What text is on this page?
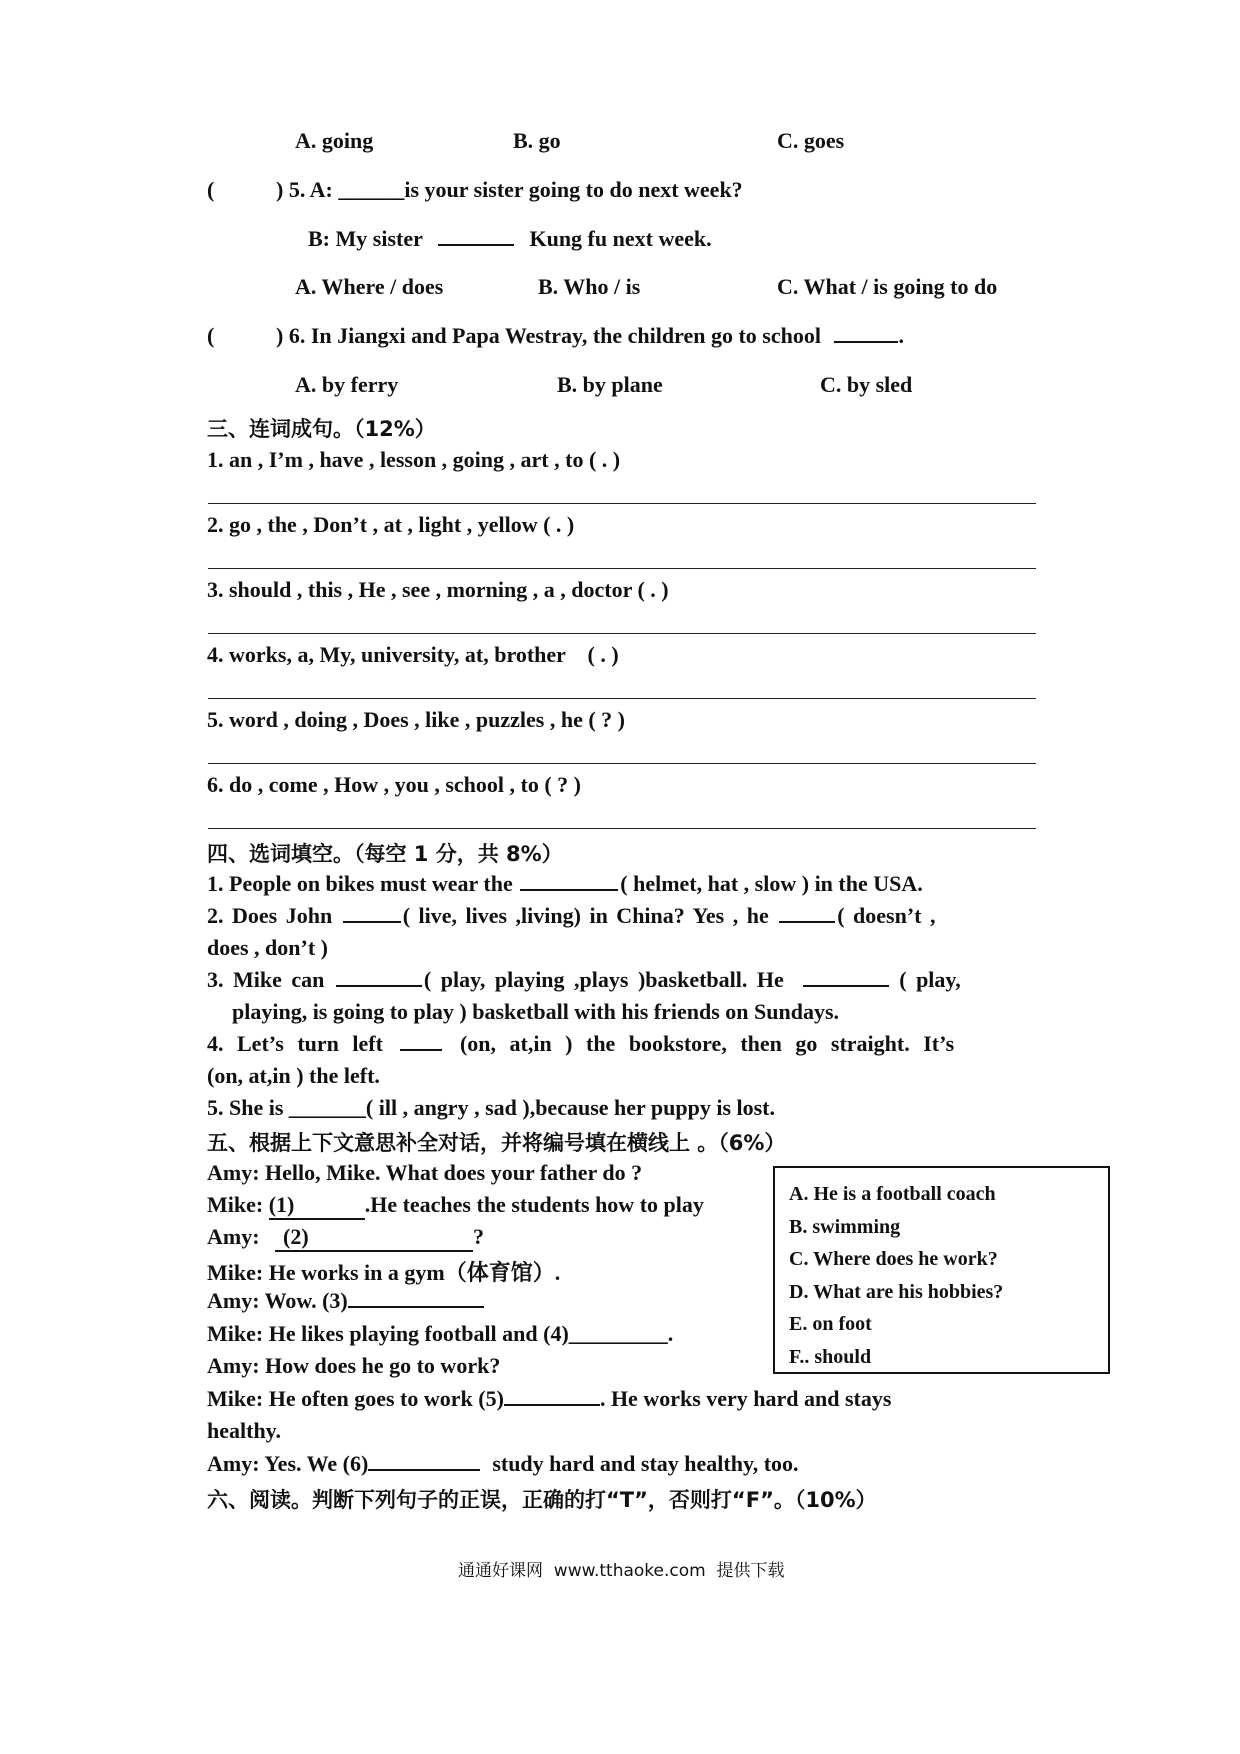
A. going	B. go	C. goes
(	) 5. A: ______is your sister going to do next week?
B: My sister	Kung fu next week.
A. Where / does	B. Who / is	C. What / is going to do
(	) 6. In Jiangxi and Papa Westray, the children go to school	.
A. by ferry	B. by plane	C. by sled
三、连词成句。（12%）
1. an , I’m , have , lesson , going , art , to ( . )
2. go , the , Don’t , at , light , yellow ( . )
3. should , this , He , see , morning , a , doctor ( . )
4. works, a, My, university, at, brother    ( . )
5. word , doing , Does , like , puzzles , he ( ? )
6. do , come , How , you , school , to ( ? )
四、选词填空。（每空 1 分，共 8%）
1. People on bikes must wear the	( helmet, hat , slow ) in the USA.
2. Does John	( live, lives ,living) in China? Yes , he	( doesn’t ,
does , don’t )
3. Mike can	( play, playing ,plays )basketball. He	( play,
playing, is going to play ) basketball with his friends on Sundays.
4. Let’s turn left	(on, at,in ) the bookstore, then go straight. It’s
(on, at,in ) the left.
5. She is _______( ill , angry , sad ),because her puppy is lost.
五、根据上下文意思补全对话，并将编号填在横线上 。（6%）
Amy: Hello, Mike. What does your father do ?
Mike: (1)	.He teaches the students how to play
Amy: (2)	?
Mike: He works in a gym（体育馆）.
Amy: Wow. (3)
Mike: He likes playing football and (4)_________.
Amy: How does he go to work?
Mike: He often goes to work (5)	. He works very hard and stays
healthy.
Amy: Yes. We (6)	study hard and stay healthy, too.
A. He is a football coach
B. swimming
C. Where does he work?
D. What are his hobbies?
E. on foot
F.. should
六、阅读。判断下列句子的正误，正确的打“T”，否则打“F”。（10%）
通通好课网  www.tthaoke.com  提供下载
